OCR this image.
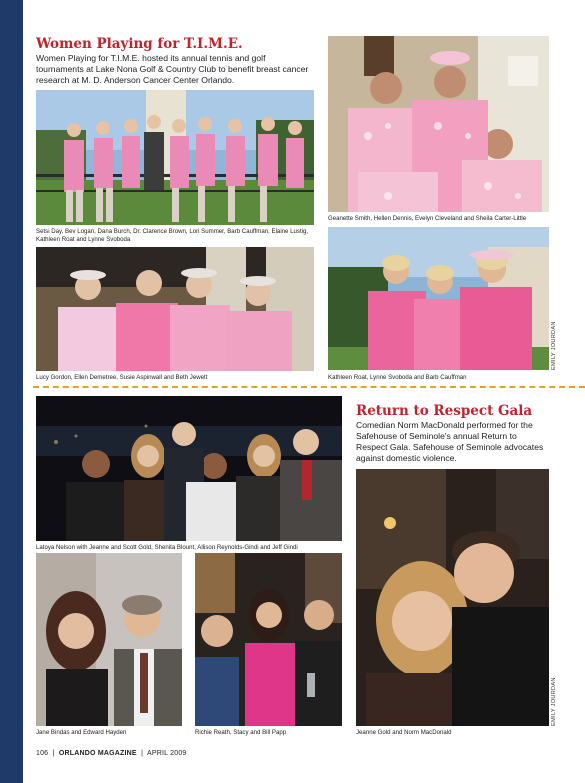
Women Playing for T.I.M.E.

Women Playing for T.I.M.E. hosted its annual tennis and golf tournaments at Lake Nona Golf & Country Club to benefit breast cancer research at M. D. Anderson Cancer Center Orlando.

Setsi Day, Bev Logan, Dana Burch, Dr. Clarence Brown, Lori Summer, Barb Cauffman, Elaine Lustig, Kathleen Roat and Lynne Svoboda

Lucy Gordon, Ellen Demetree, Susie Aspinwall and Beth Jewett

Geanette Smith, Hellen Dennis, Evelyn Cleveland and Sheila Carter-Little

Kathleen Roat, Lynne Svoboda and Barb Cauffman

EMILY JOURDAN

Latoya Nelson with Jeanne and Scott Gold, Shenita Blount, Allison Reynolds-Gindi and Jeff Gindi

Jane Bindas and Edward Hayden	Richie Reath, Stacy and Bill Papp

Return to Respect Gala

Comedian Norm MacDonald performed for the Safehouse of Seminole's annual Return to Respect Gala. Safehouse of Seminole advocates against domestic violence.

Jeanne Gold and Norm MacDonald

EMILY JOURDAN
106  |  ORLANDO MAGAZINE  |  APRIL 2009
